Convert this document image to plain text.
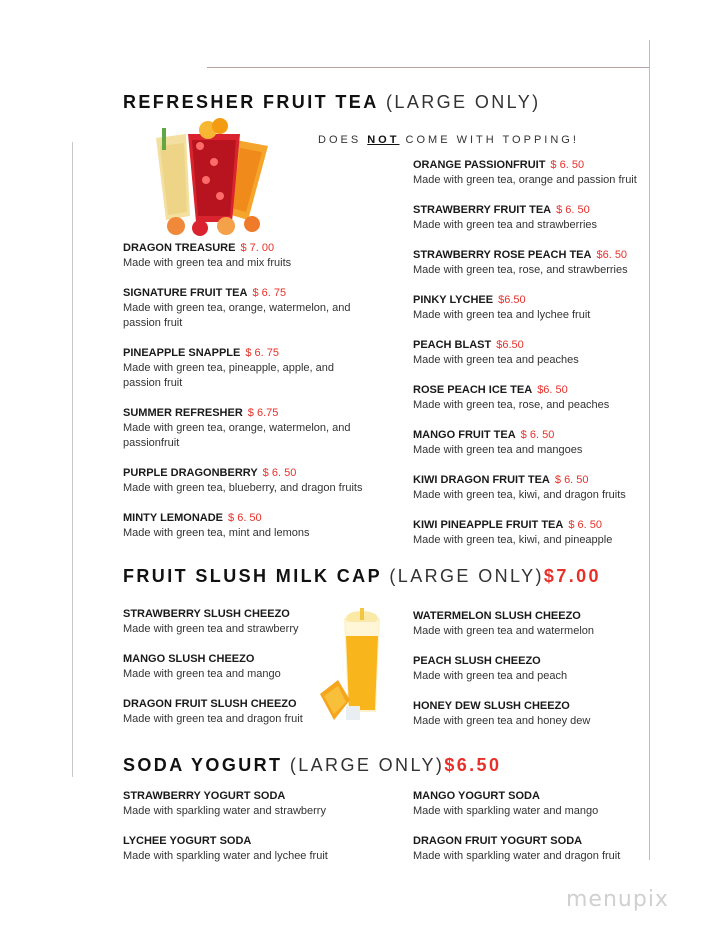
REFRESHER FRUIT TEA (LARGE ONLY)
DOES NOT COME WITH TOPPING!
DRAGON TREASURE $ 7. 00
Made with green tea and mix fruits
SIGNATURE FRUIT TEA $ 6. 75
Made with green tea, orange, watermelon, and passion fruit
PINEAPPLE SNAPPLE $ 6. 75
Made with green tea, pineapple, apple, and passion fruit
SUMMER REFRESHER $ 6.75
Made with green tea, orange, watermelon, and passionfruit
PURPLE DRAGONBERRY $ 6. 50
Made with green tea, blueberry, and dragon fruits
MINTY LEMONADE $ 6. 50
Made with green tea, mint and lemons
ORANGE PASSIONFRUIT $ 6. 50
Made with green tea, orange and passion fruit
STRAWBERRY FRUIT TEA $ 6. 50
Made with green tea and strawberries
STRAWBERRY ROSE PEACH TEA $6. 50
Made with green tea, rose, and strawberries
PINKY LYCHEE $6.50
Made with green tea and lychee fruit
PEACH BLAST $6.50
Made with green tea and peaches
ROSE PEACH ICE TEA $6. 50
Made with green tea, rose, and peaches
MANGO FRUIT TEA $ 6. 50
Made with green tea and mangoes
KIWI DRAGON FRUIT TEA $ 6. 50
Made with green tea, kiwi, and dragon fruits
KIWI PINEAPPLE FRUIT TEA $ 6. 50
Made with green tea, kiwi, and pineapple
FRUIT SLUSH MILK CAP (LARGE ONLY)$7.00
STRAWBERRY SLUSH CHEEZO
Made with green tea and strawberry
MANGO SLUSH CHEEZO
Made with green tea and mango
DRAGON FRUIT SLUSH CHEEZO
Made with green tea and dragon fruit
WATERMELON SLUSH CHEEZO
Made with green tea and watermelon
PEACH SLUSH CHEEZO
Made with green tea and peach
HONEY DEW SLUSH CHEEZO
Made with green tea and honey dew
SODA YOGURT (LARGE ONLY)$6.50
STRAWBERRY YOGURT SODA
Made with sparkling water and strawberry
LYCHEE YOGURT SODA
Made with sparkling water and lychee fruit
MANGO YOGURT SODA
Made with sparkling water and mango
DRAGON FRUIT YOGURT SODA
Made with sparkling water and dragon fruit
menupix
